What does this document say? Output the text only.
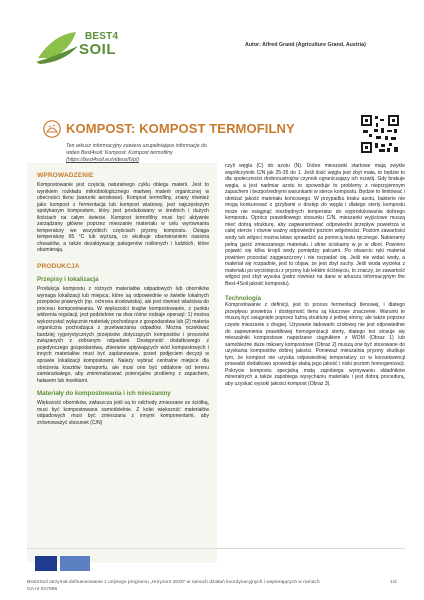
BEST4
SOIL	Autor: Alfred Grand (Agriculture Grand, Austria)
KOMPOST: KOMPOST TERMOFILNY
Ten arkusz informacyjny zawiera uzupełniające informacje do wideo Best4soil: Kompost: Kompost termofilny (https://best4soil.eu/videos/6/pl)
WPROWADZENIE
Kompostowanie jest częścią naturalnego cyklu obiegu materii. Jest to wynikiem rozkładu mikrobiologicznego martwej materii organicznej w obecności tlenu (warunki aerobowe). Kompost termofilny, znany również jako kompost z fermentacja lub kompost wiatrowy, jest najczęstszym spotykanym kompostem, który jest produkowany w średnich i dużych ilościach na całym świecie. Kompost termofilny musi być aktywnie zarządzany główne poprzez mieszanie materiału w celu wyrównania temperatury we wszystkich częściach pryzmy kompostu. Osiąga temperaturę 65 °C lub wyższą, co skutkuje obumieraniem nasiona chwastów, a także dezaktywację patogenów roślinnych i ludzkich, które obumierają.
PRODUKCJA
Przepisy i lokalizacja
Produkcja kompostu z różnych materiałów odpadowych lub oborników wymaga lokalizacji lub miejsca, które są odpowiednie w świetle lokalnych przepisów prawnych (np. ochrona środowiska), ale jest również właściwa do procesu kompostowania. W większości krajów kompostowanie, z punktu widzenia regulacji, jest podzielone na dwa różne rodzaje operacji: 1) można wykorzystać wyłącznie materiały pochodzące z gospodarstwa lub (2) materia organiczna pochodząca z przetwarzania odpadów. Można oczekiwać bardziej rygorystycznych przepisów dotyczących kompostów i procesów związanych z zebranym odpadami. Dostępność dodatkowego z pojedynczego gospodarstwa, zbieranie spływających wód kompostowych i innych materiałów musi być zaplanowane, przed podjęciem decyzji w sprawie lokalizacji kompostowni. Należy wybrać centralne miejsce dla obniżenia kosztów transportu, ale musi ono być oddalone od terenu zamieszkałego, aby zminimalizować potencjalne problemy z zapachem, hałasem lub insektami.
Materiały do kompostowania i ich mieszaniny
Większość oborników, zwłaszcza jeśli są to odchody zmieszane ze ściółką, musi być kompostowana samodzielnie. Z kolei większość materiałów odpadowych musi być zmieszana z innymi komponentami, aby zrównoważyć stosunek (C/N)
czyli węgla (C) do azotu (N). Dobre mieszanki startowe mają zwykle współczynnik C/N jak 25-35 do 1. Jeśli ilość węgla jest zbyt mała, to będzie to dla społeczności drobnoustrojów czynnik ograniczający ich rozwój. Gdy brakuje węgla, a jest nadmiar azotu to spowoduje to problemy z nieprzyjemnym zapachem i bezpośrednymi warunkami w sterce kompostu. Będzie to limitować i obniżać jakość materiału końcowego. W przypadku braku azotu, bakterie nie mogą konkurować z grzybami o dostęp do węgla i dlatego sterty kompostu może nie osiągnąć niezbędnych temperatur do wyprodukowania dobrego kompostu. Oprócz prawidłowego stosunku C/N, mieszanki wyjściowe muszą mieć dobrą strukturę, aby zagwarantować odpowiedni przepływ powietrza w całej stercie i równie ważny odpowiedni poziom wilgotności. Poziom zawartości wody lub wilgoci można łatwo sprawdzić za pomocą testu ręcznego. Nabieramy pełną garść zmieszanego materiału i silnie ściskamy w je w dłoni. Powinno pojawić się kilka kropli wody pomiędzy palcami. Po otwarciu ręki materiał powinien pozostać zaggeszczony i nie rozpadać się. Jeśli nie widać wody, a materiał się rozpadnie, jest to objaw, że jest zbyt suchy. Jeśli woda wycieka z materiału po wyciśnięciu z pryzmy lub lekkim ściśnięciu, to znaczy, że zawartość wilgoci jest zbyt wysoka (patrz również na dane w arkuszu informacyjnym the Best-4Soil jakość kompostu).
Technologia
Kompostowanie z definicji, jest to proces fermentacji tlenowej, i dlatego przepływu powietrza i dostępność tlenu są kluczowe znaczenie. Warunki te muszą być osiągnięte poprzez luźną strukturę z jednej strony, ale także poprzez częste mieszanie z drugiej. Używanie ładowarki czołowej nie jest odpowiednie do zapewnienia prawidłowej homogenizacji sterty, dlatego też stosuje się mieszalniki kompostowe napędzane ciągnikiem z WOM (Obraz 1) lub samobieżne duże miksery kompostowe (Obraz 2) muszą one być stosowane do uzyskania kompostów dobrej jakości. Ponieważ mieszalnia pryzmy skutkuje tym, że kompost nie uzyska odpowiedniej temperatury co w konsekwencji prowadzi dodatkowo spowoduje słabą jego jakość i niski poziom homogenizacji. Pokrycie kompostu specjalną matą zapobiega wymywaniu składników mineralnych a także zapobiega wysychaniu materiału i jest dobrą procedurą, aby uzyskać wysoki jakości kompost (Obraz 3).
Best4Soil otrzymał dofinansowanie z unijnego programu „Horyzont 2020" w ramach działań koordynacyjnych i wspierających w ramach GA nr 817696
1/2
